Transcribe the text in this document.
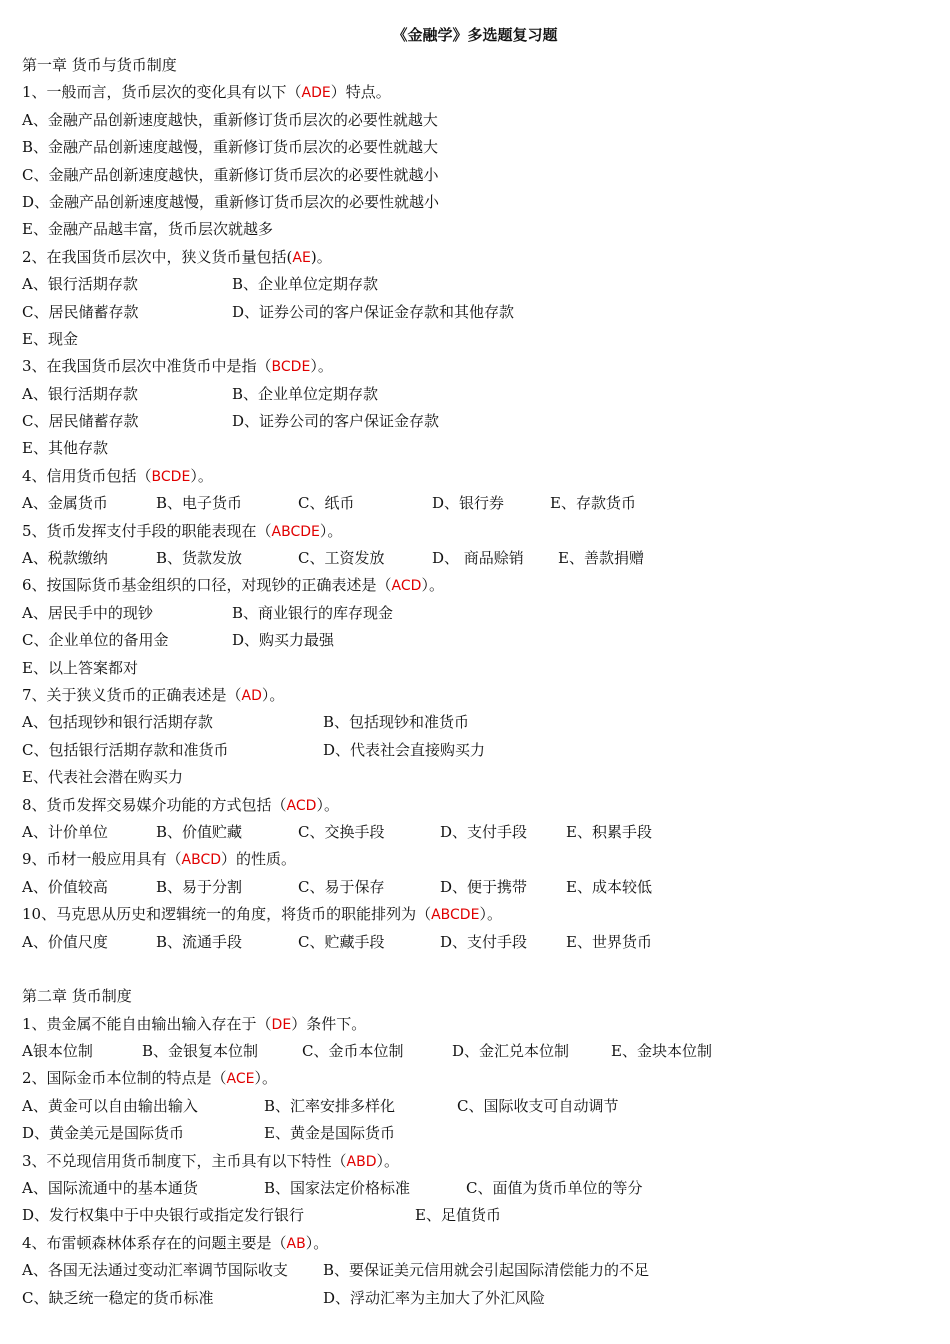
《金融学》多选题复习题
第一章 货币与货币制度
1、一般而言，货币层次的变化具有以下（ADE）特点。
A、金融产品创新速度越快，重新修订货币层次的必要性就越大
B、金融产品创新速度越慢，重新修订货币层次的必要性就越大
C、金融产品创新速度越快，重新修订货币层次的必要性就越小
D、金融产品创新速度越慢，重新修订货币层次的必要性就越小
E、金融产品越丰富，货币层次就越多
2、在我国货币层次中，狭义货币量包括(AE)。
A、银行活期存款	B、企业单位定期存款
C、居民储蓄存款	D、证券公司的客户保证金存款和其他存款
E、现金
3、在我国货币层次中准货币中是指（BCDE）。
A、银行活期存款	B、企业单位定期存款
C、居民储蓄存款	D、证券公司的客户保证金存款
E、其他存款
4、信用货币包括（BCDE）。
A、金属货币	B、电子货币	C、纸币	D、银行券	E、存款货币
5、货币发挥支付手段的职能表现在（ABCDE）。
A、税款缴纳	B、货款发放	C、工资发放	D、 商品赊销 E、善款捐赠
6、按国际货币基金组织的口径，对现钞的正确表述是（ACD）。
A、居民手中的现钞	B、商业银行的库存现金
C、企业单位的备用金	D、购买力最强
E、以上答案都对
7、关于狭义货币的正确表述是（AD）。
A、包括现钞和银行活期存款	B、包括现钞和准货币
C、包括银行活期存款和准货币	D、代表社会直接购买力
E、代表社会潜在购买力
8、货币发挥交易媒介功能的方式包括（ACD）。
A、计价单位	B、价值贮藏	C、交换手段	D、支付手段	E、积累手段
9、币材一般应用具有（ABCD）的性质。
A、价值较高	B、易于分割	C、易于保存	D、便于携带	E、成本较低
10、马克思从历史和逻辑统一的角度，将货币的职能排列为（ABCDE）。
A、价值尺度	B、流通手段	C、贮藏手段	D、支付手段	E、世界货币
第二章 货币制度
1、贵金属不能自由输出输入存在于（DE）条件下。
A银本位制	B、金银复本位制	C、金币本位制	D、金汇兑本位制	E、金块本位制
2、国际金币本位制的特点是（ACE）。
A、黄金可以自由输出输入	B、汇率安排多样化	C、国际收支可自动调节
D、黄金美元是国际货币	E、黄金是国际货币
3、不兑现信用货币制度下，主币具有以下特性（ABD）。
A、国际流通中的基本通货	B、国家法定价格标准	C、面值为货币单位的等分
D、发行权集中于中央银行或指定发行银行	E、足值货币
4、布雷顿森林体系存在的问题主要是（AB）。
A、各国无法通过变动汇率调节国际收支 B、要保证美元信用就会引起国际清偿能力的不足
C、缺乏统一稳定的货币标准	D、浮动汇率为主加大了外汇风险
